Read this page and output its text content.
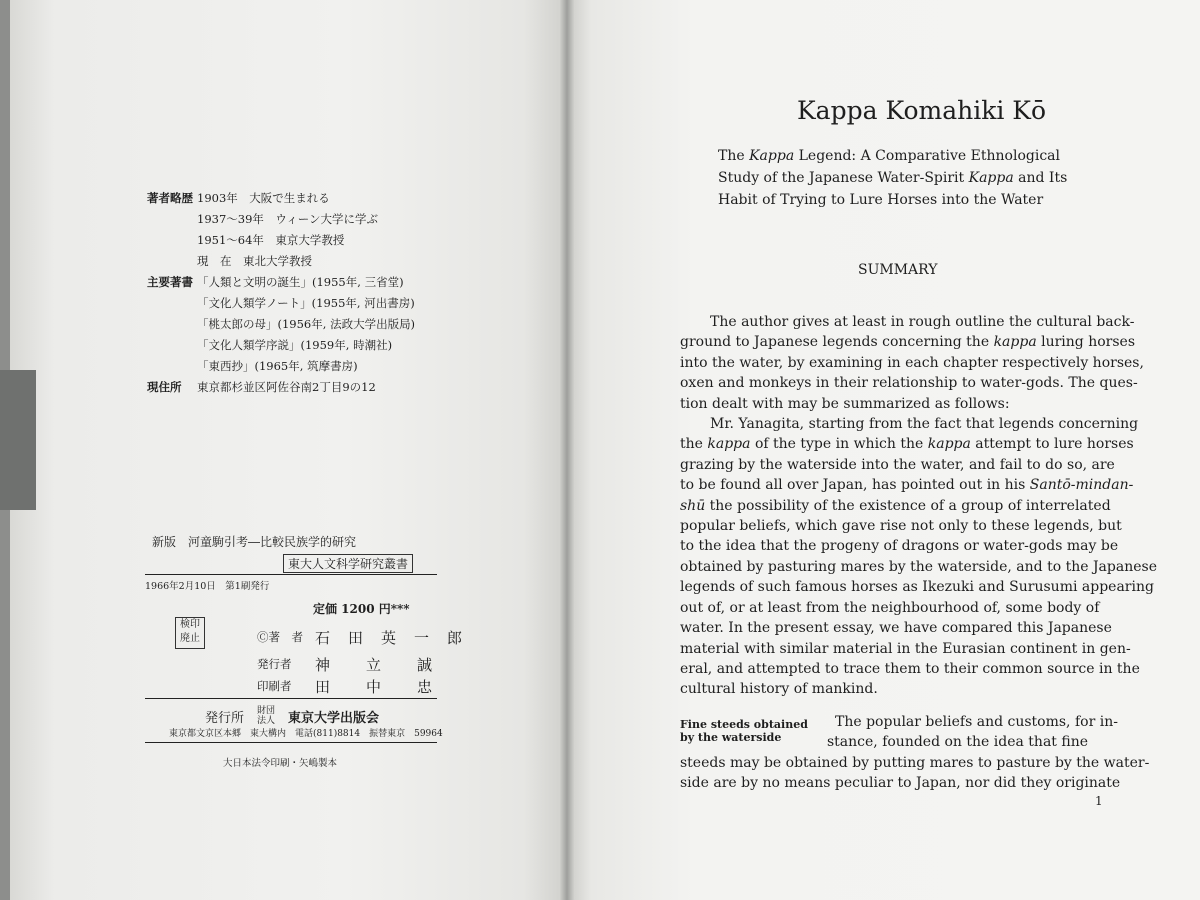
著者略歴 1903年　大阪で生まれる
1937〜39年　ウィーン大学に学ぶ
1951〜64年　東京大学教授
現　在　東北大学教授
主要著書 「人類と文明の誕生」(1955年, 三省堂)
「文化人類学ノート」(1955年, 河出書房)
「桃太郎の母」(1956年, 法政大学出版局)
「文化人類学序説」(1959年, 時潮社)
「東西抄」(1965年, 筑摩書房)
現住所	東京都杉並区阿佐谷南2丁目9の12
新版　河童駒引考―比較民族学的研究
東大人文科学研究叢書
1966年2月10日　第1刷発行
定価 1200 円***
検印
廃止	Ⓒ著　者 石田英一郎
発行者 神立誠
印刷者 田中忠
発行所 財団
法人 東京大学出版会
東京都文京区本郷　東大構内　電話(811)8814　振替東京　59964
大日本法令印刷・矢嶋製本
Kappa Komahiki Kō
The Kappa Legend: A Comparative Ethnological
Study of the Japanese Water-Spirit Kappa and Its
Habit of Trying to Lure Horses into the Water
SUMMARY
The author gives at least in rough outline the cultural back-
ground to Japanese legends concerning the kappa luring horses
into the water, by examining in each chapter respectively horses,
oxen and monkeys in their relationship to water-gods. The ques-
tion dealt with may be summarized as follows:
Mr. Yanagita, starting from the fact that legends concerning
the kappa of the type in which the kappa attempt to lure horses
grazing by the waterside into the water, and fail to do so, are
to be found all over Japan, has pointed out in his Santō-mindan-
shū the possibility of the existence of a group of interrelated
popular beliefs, which gave rise not only to these legends, but
to the idea that the progeny of dragons or water-gods may be
obtained by pasturing mares by the waterside, and to the Japanese
legends of such famous horses as Ikezuki and Surusumi appearing
out of, or at least from the neighbourhood of, some body of
water. In the present essay, we have compared this Japanese
material with similar material in the Eurasian continent in gen-
eral, and attempted to trace them to their common source in the
cultural history of mankind.
Fine steeds obtained
by the waterside
The popular beliefs and customs, for in-
stance, founded on the idea that fine
steeds may be obtained by putting mares to pasture by the water-
side are by no means peculiar to Japan, nor did they originate
1
